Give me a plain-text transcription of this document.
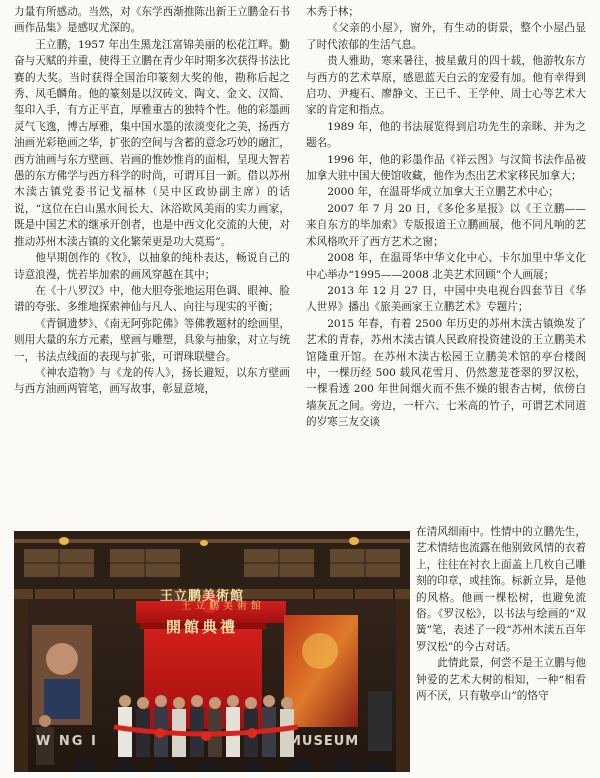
力量有所感动。当然，对《东学西渐推陈出新王立鹏金石书画作品集》是感叹尤深的。

王立鹏，1957 年出生黑龙江富锦美丽的松花江畔。勤奋与天赋的并重，使得王立鹏在青少年时期多次获得书法比赛的大奖。当时获得全国治印篆刻大奖的他，勘称后起之秀、凤毛麟角。他的篆刻是以汉砖文、陶文、金文、汉简、玺印入手，有方正平直，厚雅重古的独特个性。他的彩墨画灵气飞逸，博古厚雅，集中国水墨的浓淡变化之美，扬西方油画光彩艳画之华，扩张的空间与含蓄的意念巧妙的融汇，西方油画与东方壁画、岩画的惟妙惟肖的面相，呈现大智若愚的东方佛学与西方科学的时尚，可谓耳目一新。借以苏州木渎古镇党委书记戈福林（吴中区政协副主席）的话说，“这位在白山黑水间长大、沐浴欧风美雨的实力画家，既是中国艺术的继承开创者，也是中西文化交流的大使，对推动苏州木渎古镇的文化繁荣更是功大莫焉”。

他早期创作的《牧》，以抽象的纯朴表达，畅说自己的诗意浪漫，恍若毕加索的画风穿越在其中；

在《十八罗汉》中，他大胆夸张地运用色调、眼神、脸谱的夸张、多维地探索神仙与凡人、向往与现实的平衡；

《青铜遗梦》、《南无阿弥陀佛》等佛教题材的绘画里，则用大量的东方元素，壁画与雕塑，具象与抽象，对立与统一，书法点线面的表现与扩张，可谓珠联璧合。

《神农造物》与《龙的传人》，扬长避短，以东方壁画与西方油画两管笔，画写故事，彰显意境，

木秀于林；

《父亲的小屋》，窗外，有生动的街景，整个小屋凸显了时代浓郁的生活气息。

贵人雅助，寒来暑往，披星戴月的四十载，他游牧东方与西方的艺术草原，感恩蓝天白云的宠爱有加。他有幸得到启功、尹瘦石、廖静文、王已千、王学仲、周士心等艺术大家的肯定和指点。

1989 年，他的书法展览得到启功先生的亲眯、并为之题名。

1996 年，他的彩墨作品《祥云图》与汉简书法作品被加拿大驻中国大使馆收藏，他作为杰出艺术家移民加拿大；

2000 年，在温哥华成立加拿大王立鹏艺术中心；

2007 年 7 月 20 日，《多伦多星报》以《王立鹏——来自东方的毕加索》专版报道王立鹏画展，他不同凡响的艺术风格吹开了西方艺术之窗；

2008 年，在温哥华中华文化中心、卡尔加里中华文化中心举办“1995——2008 北美艺术回顾”个人画展；

2013 年 12 月 27 日，中国中央电视台四套节目《华人世界》播出《旅美画家王立鹏艺术》专题片；

2015 年春，有着 2500 年历史的苏州木渎古镇焕发了艺术的青春，苏州木渎古镇人民政府投资建设的王立鹏美术馆隆重开馆。在苏州木渎古松园王立鹏美术馆的亭台楼阁中，一棵历经 500 载风花雪月、仍然葱茏苍翠的罗汉松，一棵看透 200 年世间烟火而不焦不燥的银杏古树，依傍白墙灰瓦之间。旁边，一杆六、七米高的竹子，可谓艺术同道的岁寒三友交谈

在清风细雨中。性情中的立鹏先生，艺术情结也流露在他别致风情的衣着上，往往在衬衣上面盖上几枚自己雕刻的印章，或挂饰。标新立异，是他的风格。他画一棵松树，也避免流俗。《罗汉松》，以书法与绘画的“双簧”笔，表述了一段“苏州木渎五百年罗汉松”的今古对话。

此情此景，何尝不是王立鹏与他钟爱的艺术大树的相知，一种“相看两不厌，只有敬亭山”的恪守

王立鹏美術館
開館典禮
王立鹏美術館
MUSEUM
W NG I
